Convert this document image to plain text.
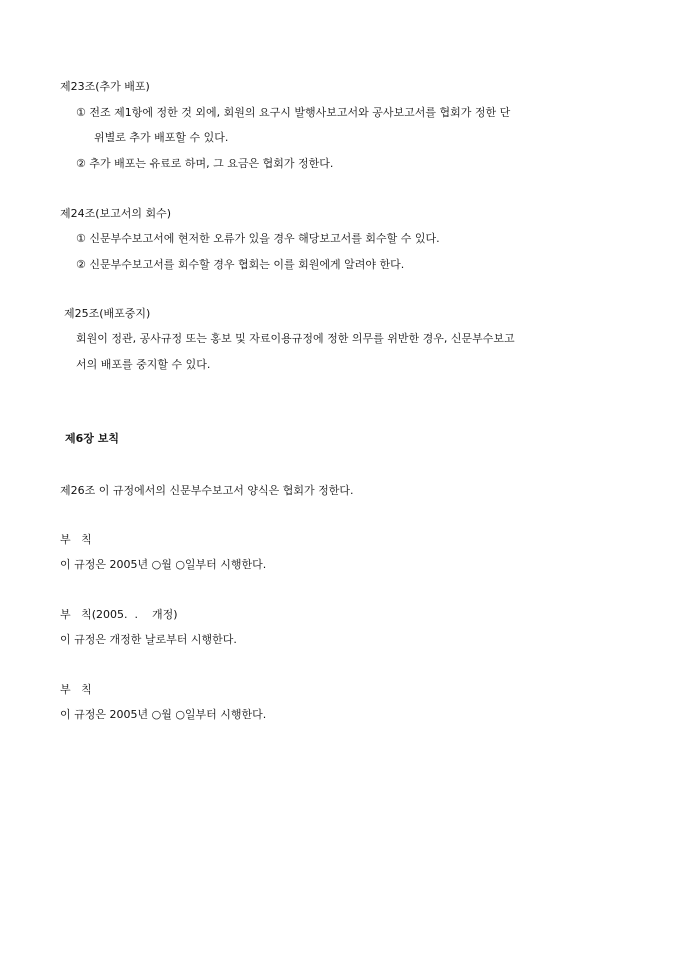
제23조(추가 배포)
① 전조 제1항에 정한 것 외에, 회원의 요구시 발행사보고서와 공사보고서를 협회가 정한 단
위별로 추가 배포할 수 있다.
② 추가 배포는 유료로 하며, 그 요금은 협회가 정한다.
제24조(보고서의 회수)
① 신문부수보고서에 현저한 오류가 있을 경우 해당보고서를 회수할 수 있다.
② 신문부수보고서를 회수할 경우 협회는 이를 회원에게 알려야 한다.
제25조(배포중지)
회원이 정관, 공사규정 또는 홍보 및 자료이용규정에 정한 의무를 위반한 경우, 신문부수보고
서의 배포를 중지할 수 있다.
제6장 보칙
제26조 이 규정에서의 신문부수보고서 양식은 협회가 정한다.
부   칙
이 규정은 2005년 ○월 ○일부터 시행한다.
부   칙(2005.  .    개정)
이 규정은 개정한 날로부터 시행한다.
부   칙
이 규정은 2005년 ○월 ○일부터 시행한다.
